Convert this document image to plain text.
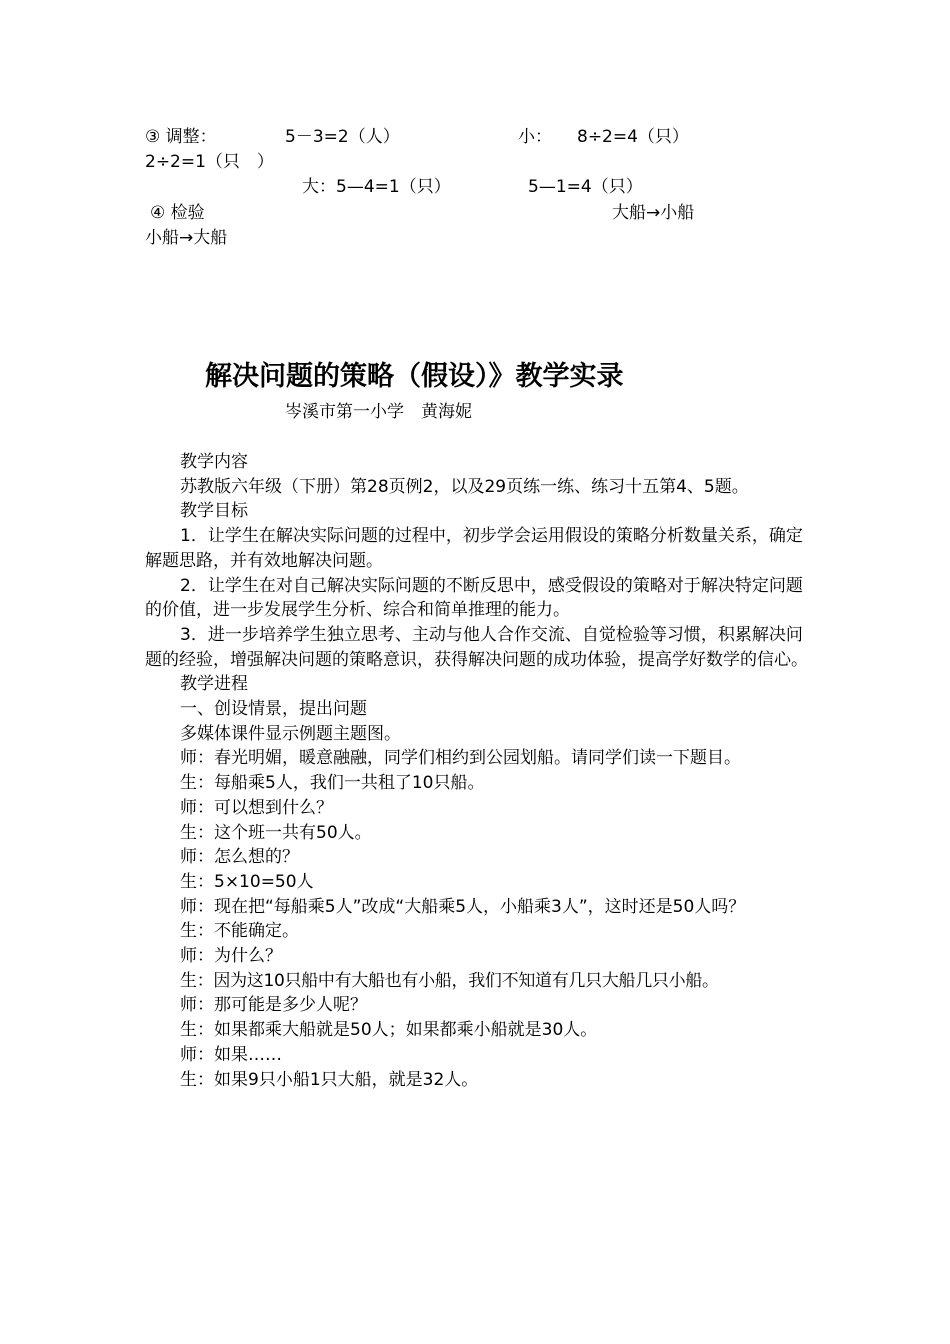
③ 调整：	5－3=2（人）	小： 8÷2=4（只）
2÷2=1（只　）
大：5—4=1（只）	5—1=4（只）
④ 检验	大船→小船
小船→大船
解决问题的策略（假设）》教学实录
岑溪市第一小学　黄海妮

教学内容

苏教版六年级（下册）第28页例2，以及29页练一练、练习十五第4、5题。

教学目标

1．让学生在解决实际问题的过程中，初步学会运用假设的策略分析数量关系，确定解题思路，并有效地解决问题。

2．让学生在对自己解决实际问题的不断反思中，感受假设的策略对于解决特定问题的价值，进一步发展学生分析、综合和简单推理的能力。

3．进一步培养学生独立思考、主动与他人合作交流、自觉检验等习惯，积累解决问题的经验，增强解决问题的策略意识，获得解决问题的成功体验，提高学好数学的信心。

教学进程

一、创设情景，提出问题

多媒体课件显示例题主题图。

师：春光明媚，暖意融融，同学们相约到公园划船。请同学们读一下题目。

生：每船乘5人，我们一共租了10只船。

师：可以想到什么？

生：这个班一共有50人。

师：怎么想的？

生：5×10=50人

师：现在把“每船乘5人”改成“大船乘5人，小船乘3人”，这时还是50人吗？

生：不能确定。

师：为什么？

生：因为这10只船中有大船也有小船，我们不知道有几只大船几只小船。

师：那可能是多少人呢？

生：如果都乘大船就是50人；如果都乘小船就是30人。

师：如果……

生：如果9只小船1只大船，就是32人。
